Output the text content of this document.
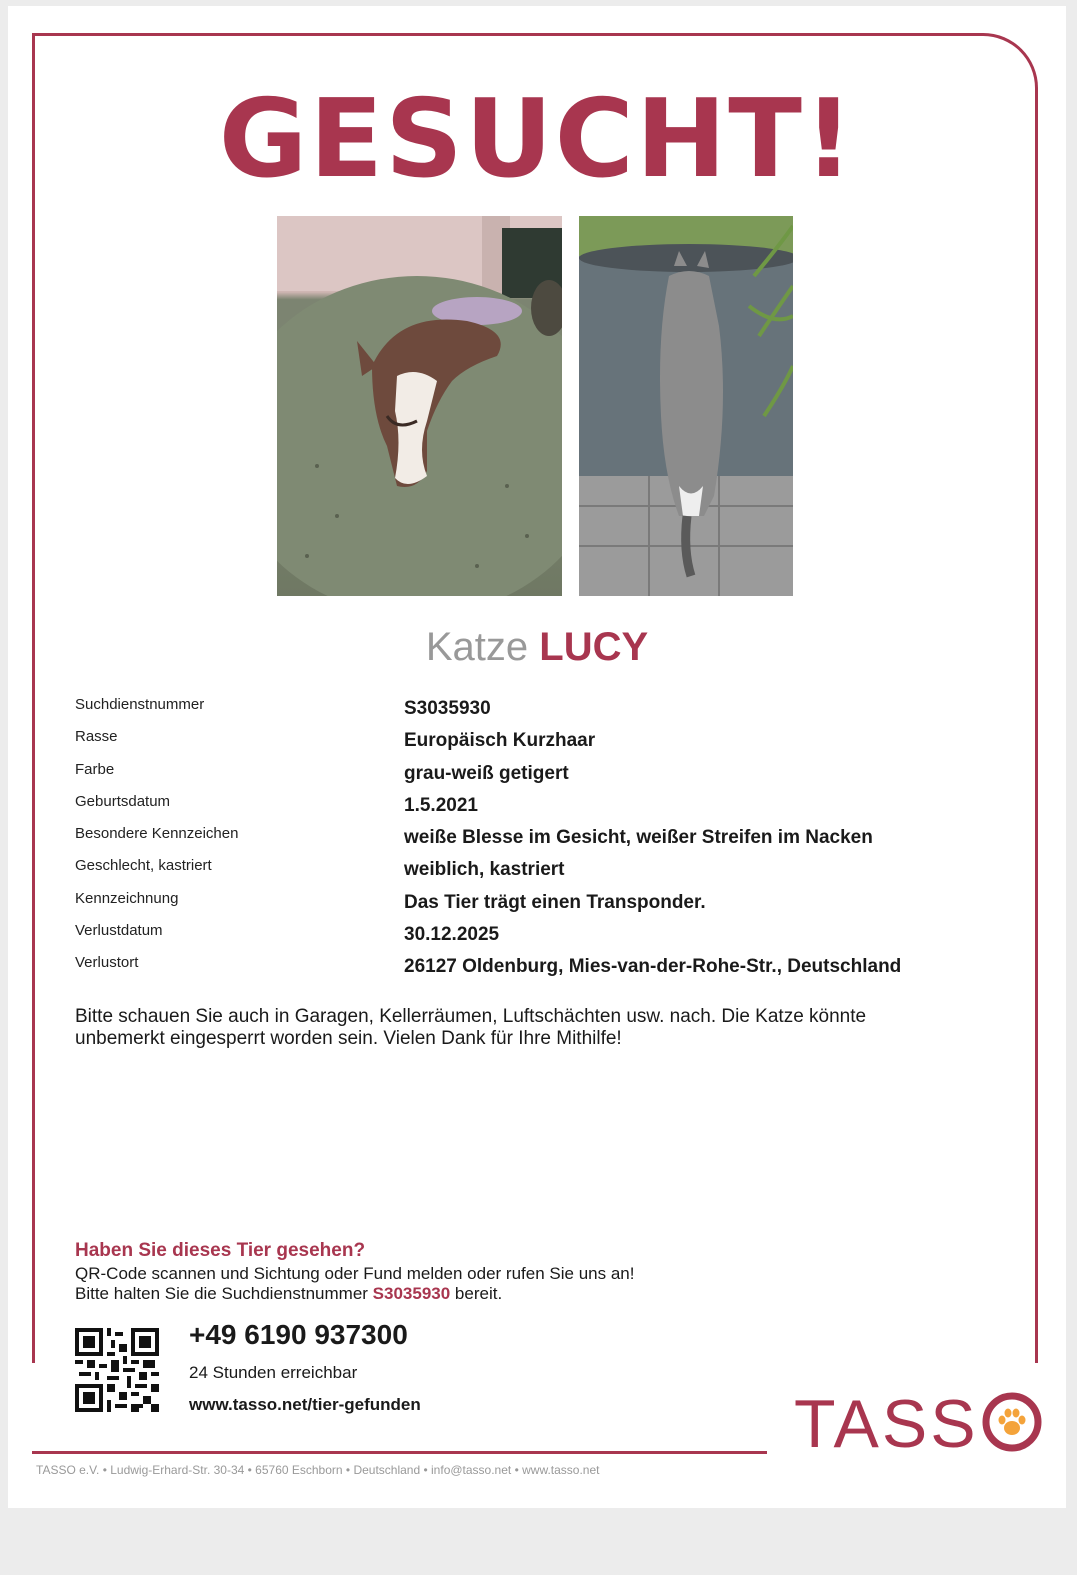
GESUCHT!
Katze LUCY
Suchdienstnummer	S3035930
Rasse	Europäisch Kurzhaar
Farbe	grau-weiß getigert
Geburtsdatum	1.5.2021
Besondere Kennzeichen	weiße Blesse im Gesicht, weißer Streifen im Nacken
Geschlecht, kastriert	weiblich, kastriert
Kennzeichnung	Das Tier trägt einen Transponder.
Verlustdatum	30.12.2025
Verlustort	26127 Oldenburg, Mies-van-der-Rohe-Str., Deutschland
Bitte schauen Sie auch in Garagen, Kellerräumen, Luftschächten usw. nach. Die Katze könnte unbemerkt eingesperrt worden sein. Vielen Dank für Ihre Mithilfe!
Haben Sie dieses Tier gesehen?
QR-Code scannen und Sichtung oder Fund melden oder rufen Sie uns an!
Bitte halten Sie die Suchdienstnummer S3035930 bereit.
+49 6190 937300
24 Stunden erreichbar
www.tasso.net/tier-gefunden	TASS
TASSO e.V. • Ludwig-Erhard-Str. 30-34 • 65760 Eschborn • Deutschland • info@tasso.net • www.tasso.net
